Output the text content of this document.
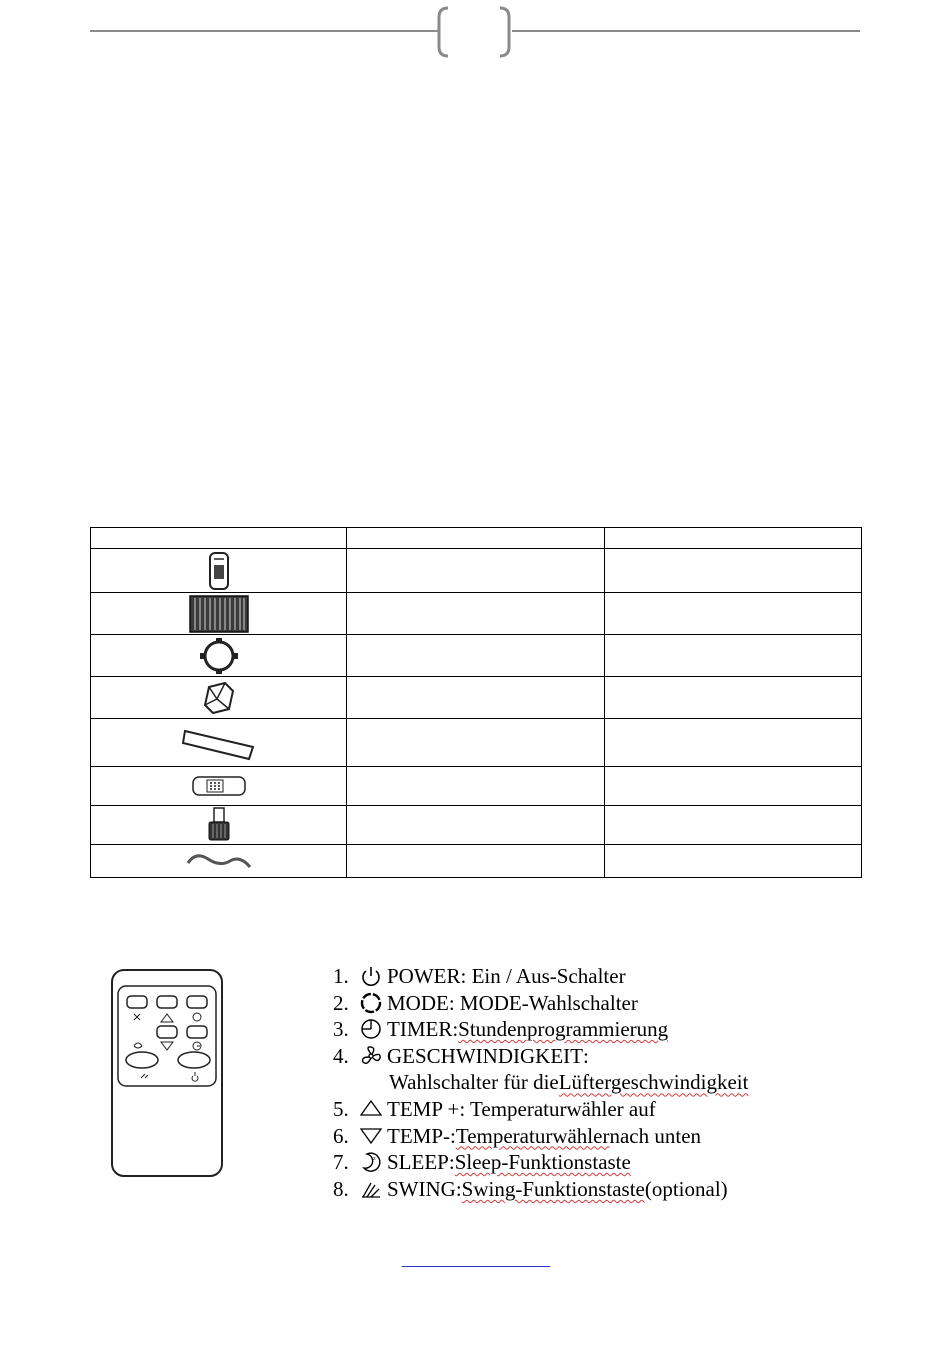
1.	POWER : Ein / Aus-Schalter
2.	MODE : MODE-Wahlschalter
3.	TIMER : Stundenprogrammierung
4.	GESCHWINDIGKEIT :
Wahlschalter für die Lüftergeschwindigkeit
5.	TEMP + : Temperaturwähler auf
6.	TEMP- : Temperaturwähler nach unten
7.	z SLEEP : Sleep-Funktionstaste
8.	SWING : Swing-Funktionstaste (optional)
